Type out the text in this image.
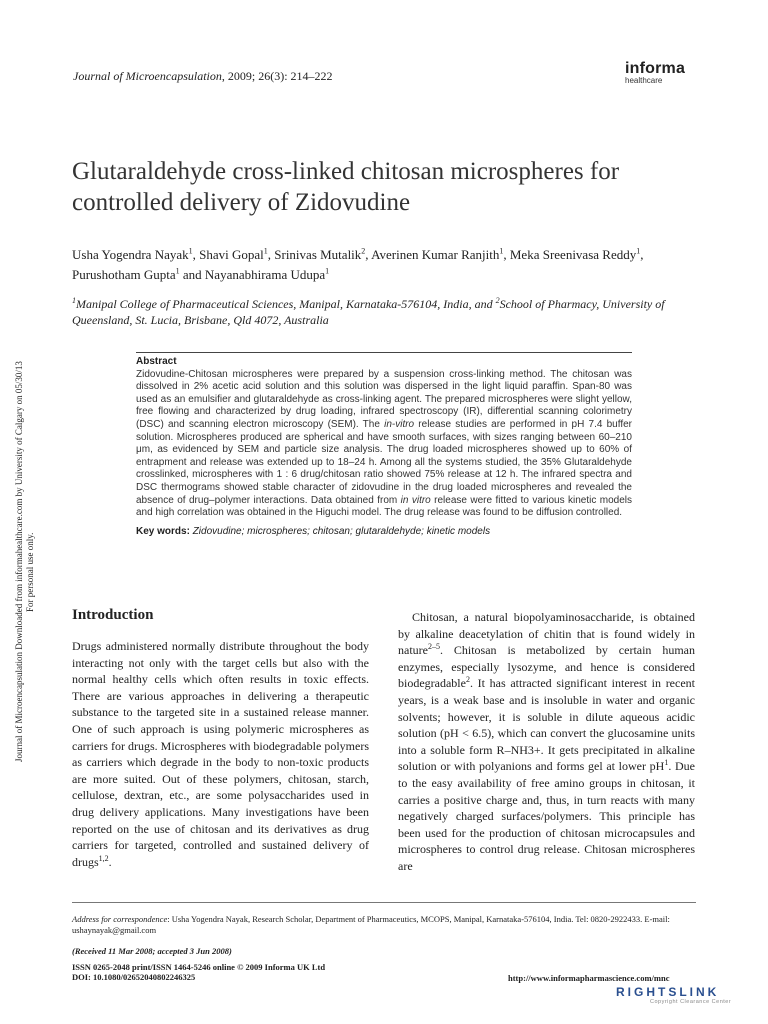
Journal of Microencapsulation, 2009; 26(3): 214–222	informa
healthcare
Journal of Microencapsulation Downloaded from informahealthcare.com by University of Calgary on 05/30/13 For personal use only.
Glutaraldehyde cross-linked chitosan microspheres for controlled delivery of Zidovudine
Usha Yogendra Nayak$^1$, Shavi Gopal$^1$, Srinivas Mutalik$^2$, Averinen Kumar Ranjith$^1$, Meka Sreenivasa Reddy$^1$, Purushotham Gupta$^1$ and Nayanabhirama Udupa$^1$
$^1$Manipal College of Pharmaceutical Sciences, Manipal, Karnataka-576104, India, and $^2$School of Pharmacy, University of Queensland, St. Lucia, Brisbane, Qld 4072, Australia
Abstract
Zidovudine-Chitosan microspheres were prepared by a suspension cross-linking method. The chitosan was dissolved in 2% acetic acid solution and this solution was dispersed in the light liquid paraffin. Span-80 was used as an emulsifier and glutaraldehyde as cross-linking agent. The prepared microspheres were slight yellow, free flowing and characterized by drug loading, infrared spectroscopy (IR), differential scanning colorimetry (DSC) and scanning electron microscopy (SEM). The in-vitro release studies are performed in pH 7.4 buffer solution. Microspheres produced are spherical and have smooth surfaces, with sizes ranging between 60–210 μm, as evidenced by SEM and particle size analysis. The drug loaded microspheres showed up to 60% of entrapment and release was extended up to 18–24 h. Among all the systems studied, the 35% Glutaraldehyde crosslinked, microspheres with 1 : 6 drug/chitosan ratio showed 75% release at 12 h. The infrared spectra and DSC thermograms showed stable character of zidovudine in the drug loaded microspheres and revealed the absence of drug–polymer interactions. Data obtained from in vitro release were fitted to various kinetic models and high correlation was obtained in the Higuchi model. The drug release was found to be diffusion controlled.
Key words: Zidovudine; microspheres; chitosan; glutaraldehyde; kinetic models
Introduction
Drugs administered normally distribute throughout the body interacting not only with the target cells but also with the normal healthy cells which often results in toxic effects. There are various approaches in delivering a therapeutic substance to the targeted site in a sustained release manner. One of such approach is using polymeric microspheres as carriers for drugs. Microspheres with biodegradable polymers as carriers which degrade in the body to non-toxic products are more suited. Out of these polymers, chitosan, starch, cellulose, dextran, etc., are some polysaccharides used in drug delivery applications. Many investigations have been reported on the use of chitosan and its derivatives as drug carriers for targeted, controlled and sustained delivery of drugs$^{1,2}$.
Chitosan, a natural biopolyaminosaccharide, is obtained by alkaline deacetylation of chitin that is found widely in nature$^{2-5}$. Chitosan is metabolized by certain human enzymes, especially lysozyme, and hence is considered biodegradable$^2$. It has attracted significant interest in recent years, is a weak base and is insoluble in water and organic solvents; however, it is soluble in dilute aqueous acidic solution (pH < 6.5), which can convert the glucosamine units into a soluble form R–NH3+. It gets precipitated in alkaline solution or with polyanions and forms gel at lower $pH^1$. Due to the easy availability of free amino groups in chitosan, it carries a positive charge and, thus, in turn reacts with many negatively charged surfaces/polymers. This principle has been used for the production of chitosan microcapsules and microspheres to control drug release. Chitosan microspheres are
Address for correspondence: Usha Yogendra Nayak, Research Scholar, Department of Pharmaceutics, MCOPS, Manipal, Karnataka-576104, India. Tel: 0820-2922433. E-mail: ushaynayak@gmail.com
(Received 11 Mar 2008; accepted 3 Jun 2008)
ISSN 0265-2048 print/ISSN 1464-5246 online © 2009 Informa UK Ltd
DOI: 10.1080/02652040802246325	http://www.informapharmascience.com/mnc
RIGHTSLINK
Copyright Clearance Center
